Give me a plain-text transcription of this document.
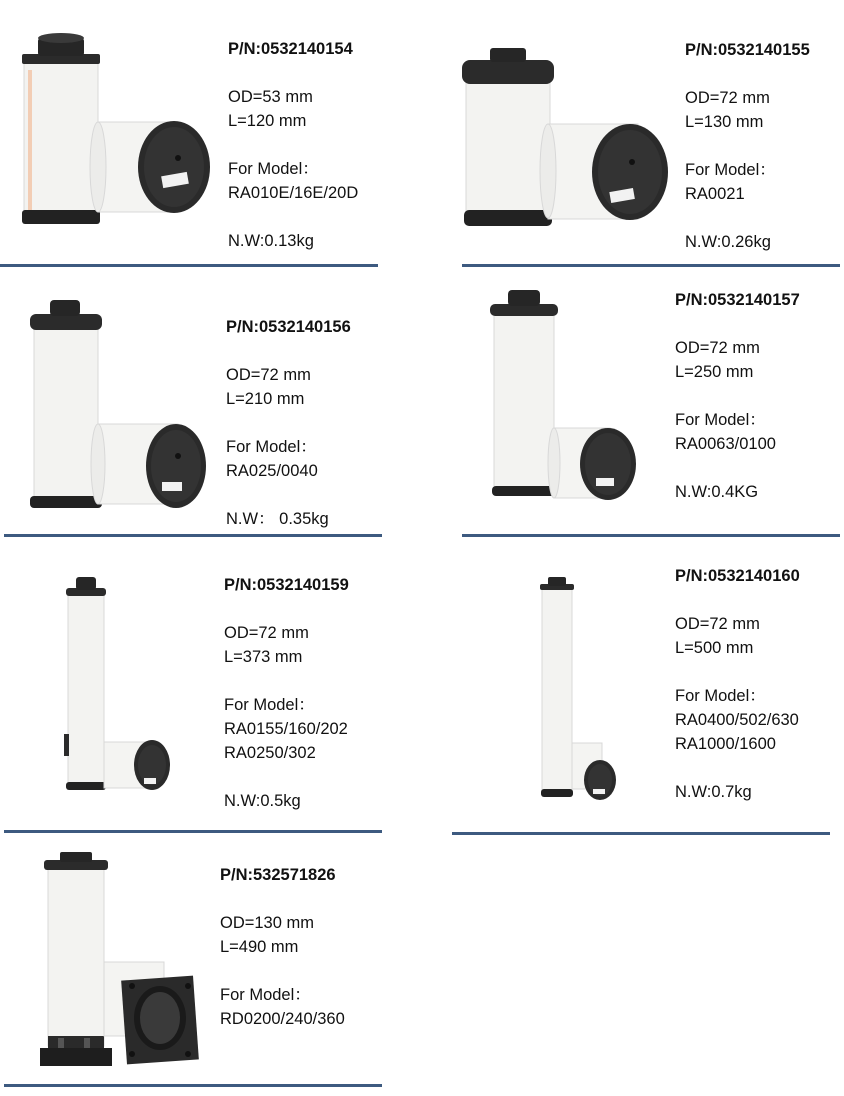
P/N:0532140154
OD=53 mm
L=120 mm
For Model：
RA010E/16E/20D
N.W:0.13kg
P/N:0532140155
OD=72 mm
L=130 mm
For Model：
RA0021
N.W:0.26kg
P/N:0532140156
OD=72 mm
L=210 mm
For Model：
RA025/0040
N.W： 0.35kg
P/N:0532140157
OD=72 mm
L=250 mm
For Model：
RA0063/0100
N.W:0.4KG
P/N:0532140159
OD=72 mm
L=373 mm
For Model：
RA0155/160/202
RA0250/302
N.W:0.5kg
P/N:0532140160
OD=72 mm
L=500 mm
For Model：
RA0400/502/630
RA1000/1600
N.W:0.7kg
P/N:532571826
OD=130 mm
L=490 mm
For Model：
RD0200/240/360
